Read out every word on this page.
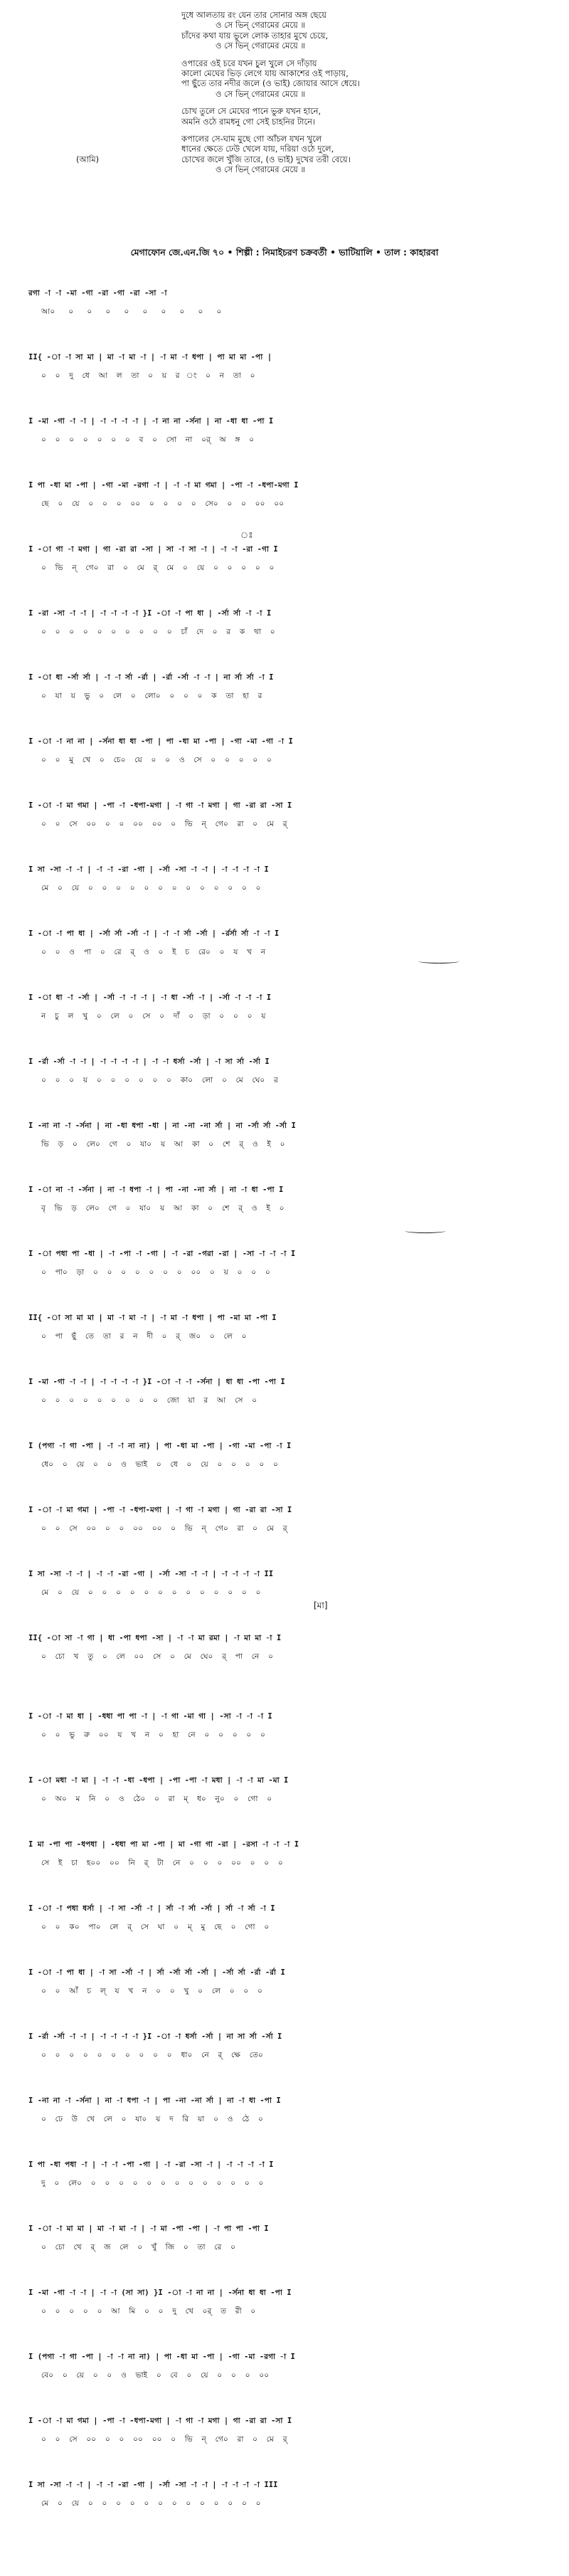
দুধে আলতায় রং যেন তার সোনার অঙ্গ ছেয়ে
ও সে ভিন্‌ গেরামের মেয়ে ॥
চাঁদের কথা যায় ভুলে লোক তাহার মুখে চেয়ে,
ও সে ভিন্‌ গেরামের মেয়ে ॥
ওপারের ওই চরে যখন চুল খুলে সে দাঁড়ায়
কালো মেঘের ভিড় লেগে যায় আকাশের ওই পাড়ায়,
পা ছুঁতে তার নদীর জলে (ও ভাই) জোয়ার আসে ধেয়ে।
ও সে ভিন্‌ গেরামের মেয়ে ॥
চোখ তুলে সে মেঘের পানে ভুরু যখন হানে,
অমনি ওঠে রামধনু গো সেই চাহনির টানে।
কপালের সে-ঘাম মুছে গো আঁচল যখন খুলে
ধানের ক্ষেতে ঢেউ খেলে যায়, দরিয়া ওঠে দুলে,
(আমি)	চোখের জলে খুঁজি তারে, (ও ভাই) দুখের তরী বেয়ে।
ও সে ভিন্‌ গেরামের মেয়ে ॥
মেগাফোন জে.এন.জি ৭০ • শিল্পী : নিমাইচরণ চক্রবর্তী • ভাটিয়ালি • তাল : কাহারবা
রগা -া -া -মা -গা -রা -গা -রা -সা -া
আ০   ০   ০   ০   ০   ০   ০   ০   ০   ০
II{ -া -া সা মা | মা -া মা -া | -া মা -া ধপা | পা মা মা -পা |
০  ০  দু  ধে  আ  ল  তা  ০  য়  র  ং  ০  ন  তা  ০
I -মা -গা -া -া | -া -া -া -া | -া না না -র্সনা | না -ধা ধা -পা I
০  ০  ০  ০  ০  ০  ০  ব  ০  সো  না  ০র্  অ  ঙ্গ  ০
I পা -ধা মা -পা | -গা -মা -রগা -া | -া -া মা গমা | -পা -া -ধপা-মগা I
ছে  ০  য়ে  ০  ০  ০  ০০  ০  ০  ০  ০  সে০  ০  ০  ০০  ০০
I -া গা -া মগা | গা -রা রা -সা | সা -া সা -া | -া -া -রা -গা I
০  ভি  ন্  গে০  রা  ০  মে  র্  মে  ০  য়ে  ০  ০  ০  ০  ০
I -রা -সা -া -া | -া -া -া -া }I -া -া পা ধা | -র্সা র্সা -া -া I
০  ০  ০  ০  ০  ০  ০  ০  ০  ০  চাঁ  দে  ০  র  ক  থা  ০
I -া ধা -র্সা র্সা | -া -া র্সা -র্রা | -র্রা -র্সা -া -া | না র্সা র্সা -া I
০  যা  য়  ভু  ০  লে  ০  লো০  ০  ০  ০  ক  তা  হা  র
I -া -া না না | -র্সনা ধা ধা -পা | পা -ধা মা -পা | -গা -মা -গা -া I
০  ০  মু  খে  ০  চে০  য়ে  ০  ০  ও  সে  ০  ০  ০  ০  ০
I -া -া মা গমা | -পা -া -ধপা-মগা | -া গা -া মগা | গা -রা রা -সা I
০  ০  সে  ০০  ০  ০  ০০  ০০  ০  ভি  ন্  গে০  রা  ০  মে  র্
I সা -সা -া -া | -া -া -রা -গা | -র্সা -সা -া -া | -া -া -া -া I
মে  ০  য়ে  ০  ০  ০  ০  ০  ০  ০  ০  ০  ০  ০  ০  ০
I -া -া পা ধা | -র্সা র্সা -র্সা -া | -া -া র্সা -র্সা | -র্রর্সা র্সা -া -া I
০  ০  ও  পা  ০  রে  র্  ও  ০  ই  চ  রে০  ০  য  খ  ন
I -া ধা -া -র্সা | -র্সা -া -া -া | -া ধা -র্সা -া | -র্সা -া -া -া I
ন  চু  ল  খু  ০  লে  ০  সে  ০  দাঁ  ০  ড়া  ০  ০  ০  য়
I -র্রা -র্সা -া -া | -া -া -া -া | -া -া ধর্সা -র্সা | -া সা র্সা -র্সা I
০  ০  ০  য়  ০  ০  ০  ০  ০  ০  কা০  লো  ০  মে  ঘে০  র
I -না না -া -র্সনা | না -ধা ধপা -ধা | না -না -না র্সা | না -র্সা র্সা -র্সা I
ভি  ড়  ০  লে০  গে  ০  যা০  য়  আ  কা  ০  শে  র্  ও  ই  ০
I -া না -া -র্সনা | না -া ধপা -া | পা -না -না র্সা | না -া ধা -পা I
বৃ  ভি  ড়  লে০  গে  ০  যা০  য়  আ  কা  ০  শে  র্  ও  ই  ০
I -া পধা পা -ধা | -া -পা -া -গা | -া -রা -গরা -রা | -সা -া -া -া I
০  পা০  ড়া  ০  ০  ০  ০  ০  ০  ০  ০০  ০  য়  ০  ০  ০
II{ -া সা মা মা | মা -া মা -া | -া মা -া ধপা | পা -মা মা -পা I
০  পা  ছুঁ  তে  তা  র  ন  দী  ০  র্  জ০  ০  লে  ০
I -মা -গা -া -া | -া -া -া -া }I -া -া -া -র্সনা | ধা ধা -পা -পা I
০  ০  ০  ০  ০  ০  ০  ০  ০  জো  য়া  র  আ  সে  ০
I (পগা -া গা -পা | -া -া না না) | পা -ধা মা -পা | -গা -মা -পা -া I
ধে০  ০  য়ে  ০  ০  ও  ভাই  ০  ধে  ০  য়ে  ০  ০  ০  ০  ০
I -া -া মা গমা | -পা -া -ধপা-মগা | -া গা -া মগা | গা -রা রা -সা I
০  ০  সে  ০০  ০  ০  ০০  ০০  ০  ভি  ন্  গে০  রা  ০  মে  র্
I সা -সা -া -া | -া -া -রা -গা | -র্সা -সা -া -া | -া -া -া -া II
মে  ০  য়ে  ০  ০  ০  ০  ০  ০  ০  ০  ০  ০  ০  ০  ০
II{ -া সা -া গা | ধা -পা ধপা -সা | -া -া মা রমা | -া মা মা -া I
০  চো  খ  তু  ০  লে  ০০  সে  ০  মে  ঘে০  র্  পা  নে  ০
I -া -া মা ধা | -ধধা পা পা -া | -া গা -মা গা | -সা -া -া -া I
০  ০  ভু  রু  ০০  য  খ  ন  ০  হা  নে  ০  ০  ০  ০  ০
I -া মধা -া মা | -া -া -ধা -ধপা | -পা -পা -া মধা | -া -া মা -মা I
০  অ০  ম  নি  ০  ও  ঠে০  ০  রা  ম্  ধ০  নু০  ০  গো  ০
I মা -পা পা -ধপধা | -ধধা পা মা -পা | মা -গা গা -রা | -রসা -া -া -া I
সে  ই  চা  হ০০  ০০  নি  র্  টা  নে  ০  ০  ০  ০০  ০  ০  ০
I -া -া পধা ধর্সা | -া সা -র্সা -া | র্সা -া র্সা -র্সা | র্সা -া র্সা -া I
০  ০  ক০  পা০  লে  র্  সে  ঘা  ০  ম্  মু  ছে  ০  গো  ০
I -া -া পা ধা | -া সা -র্সা -া | র্সা -র্সা র্সা -র্সা | -র্সা র্সা -র্রা -র্রা I
০  ০  আঁ  চ  ল্  য  খ  ন  ০  ০  খু  ০  লে  ০  ০  ০
I -র্রা -র্সা -া -া | -া -া -া -া }I -া -া ধর্সা -র্সা | না সা র্সা -র্সা I
০  ০  ০  ০  ০  ০  ০  ০  ০  ০  ধা০  নে  র্  ক্ষে  তে০
I -না না -া -র্সনা | না -া ধপা -া | পা -না -না র্সা | না -া ধা -পা I
০  ঢে  উ  খে  লে  ০  যা০  য়  দ  রি  য়া  ০  ও  ঠে  ০
I পা -ধা পধা -া | -া -া -পা -গা | -া -রা -সা -া | -া -া -া -া I
দু  ০  লে০  ০  ০  ০  ০  ০  ০  ০  ০  ০  ০  ০  ০  ০
I -া -া মা মা | মা -া মা -া | -া মা -পা -পা | -া পা পা -পা I
০  চো  খে  র্  জ  লে  ০  খুঁ  জি  ০  তা  রে  ০
I -মা -গা -া -া | -া -া (সা সা) }I -া -া না না | -র্সনা ধা ধা -পা I
০  ০  ০  ০  ০  আ  মি  ০  ০  দু  খে  ০র্  ত  রী  ০
I (পগা -া গা -পা | -া -া না না) | পা -ধা মা -পা | -গা -মা -রগা -া I
বে০  ০  য়ে  ০  ০  ও  ভাই  ০  বে  ০  য়ে  ০  ০  ০  ০০
I -া -া মা গমা | -পা -া -ধপা-মগা | -া গা -া মগা | গা -রা রা -সা I
০  ০  সে  ০০  ০  ০  ০০  ০০  ০  ভি  ন্  গে০  রা  ০  মে  র্
I সা -সা -া -া | -া -া -রা -গা | -র্সা -সা -া -া | -া -া -া -া III
মে  ০  য়ে  ০  ০  ০  ০  ০  ০  ০  ০  ০  ০  ০  ০  ০
ঃ
[মা]
